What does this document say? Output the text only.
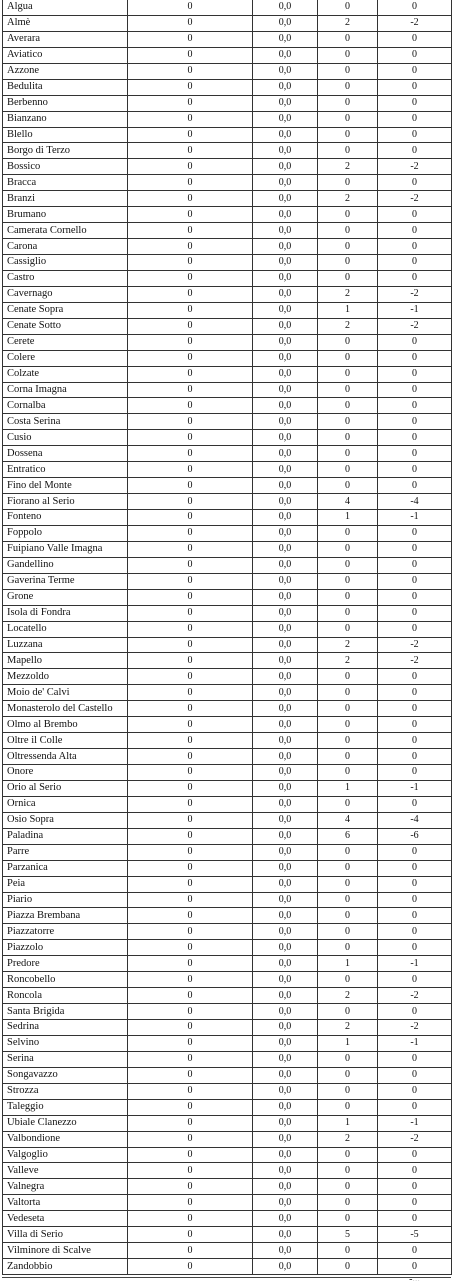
Algua	0	0,0	0	0
Almè	0	0,0	2	-2
Averara	0	0,0	0	0
Aviatico	0	0,0	0	0
Azzone	0	0,0	0	0
Bedulita	0	0,0	0	0
Berbenno	0	0,0	0	0
Bianzano	0	0,0	0	0
Blello	0	0,0	0	0
Borgo di Terzo	0	0,0	0	0
Bossico	0	0,0	2	-2
Bracca	0	0,0	0	0
Branzi	0	0,0	2	-2
Brumano	0	0,0	0	0
Camerata Cornello	0	0,0	0	0
Carona	0	0,0	0	0
Cassiglio	0	0,0	0	0
Castro	0	0,0	0	0
Cavernago	0	0,0	2	-2
Cenate Sopra	0	0,0	1	-1
Cenate Sotto	0	0,0	2	-2
Cerete	0	0,0	0	0
Colere	0	0,0	0	0
Colzate	0	0,0	0	0
Corna Imagna	0	0,0	0	0
Cornalba	0	0,0	0	0
Costa Serina	0	0,0	0	0
Cusio	0	0,0	0	0
Dossena	0	0,0	0	0
Entratico	0	0,0	0	0
Fino del Monte	0	0,0	0	0
Fiorano al Serio	0	0,0	4	-4
Fonteno	0	0,0	1	-1
Foppolo	0	0,0	0	0
Fuipiano Valle Imagna	0	0,0	0	0
Gandellino	0	0,0	0	0
Gaverina Terme	0	0,0	0	0
Grone	0	0,0	0	0
Isola di Fondra	0	0,0	0	0
Locatello	0	0,0	0	0
Luzzana	0	0,0	2	-2
Mapello	0	0,0	2	-2
Mezzoldo	0	0,0	0	0
Moio de' Calvi	0	0,0	0	0
Monasterolo del Castello	0	0,0	0	0
Olmo al Brembo	0	0,0	0	0
Oltre il Colle	0	0,0	0	0
Oltressenda Alta	0	0,0	0	0
Onore	0	0,0	0	0
Orio al Serio	0	0,0	1	-1
Ornica	0	0,0	0	0
Osio Sopra	0	0,0	4	-4
Paladina	0	0,0	6	-6
Parre	0	0,0	0	0
Parzanica	0	0,0	0	0
Peia	0	0,0	0	0
Piario	0	0,0	0	0
Piazza Brembana	0	0,0	0	0
Piazzatorre	0	0,0	0	0
Piazzolo	0	0,0	0	0
Predore	0	0,0	1	-1
Roncobello	0	0,0	0	0
Roncola	0	0,0	2	-2
Santa Brigida	0	0,0	0	0
Sedrina	0	0,0	2	-2
Selvino	0	0,0	1	-1
Serina	0	0,0	0	0
Songavazzo	0	0,0	0	0
Strozza	0	0,0	0	0
Taleggio	0	0,0	0	0
Ubiale Clanezzo	0	0,0	1	-1
Valbondione	0	0,0	2	-2
Valgoglio	0	0,0	0	0
Valleve	0	0,0	0	0
Valnegra	0	0,0	0	0
Valtorta	0	0,0	0	0
Vedeseta	0	0,0	0	0
Villa di Serio	0	0,0	5	-5
Vilminore di Scalve	0	0,0	0	0
Zandobbio	0	0,0	0	0
-...
